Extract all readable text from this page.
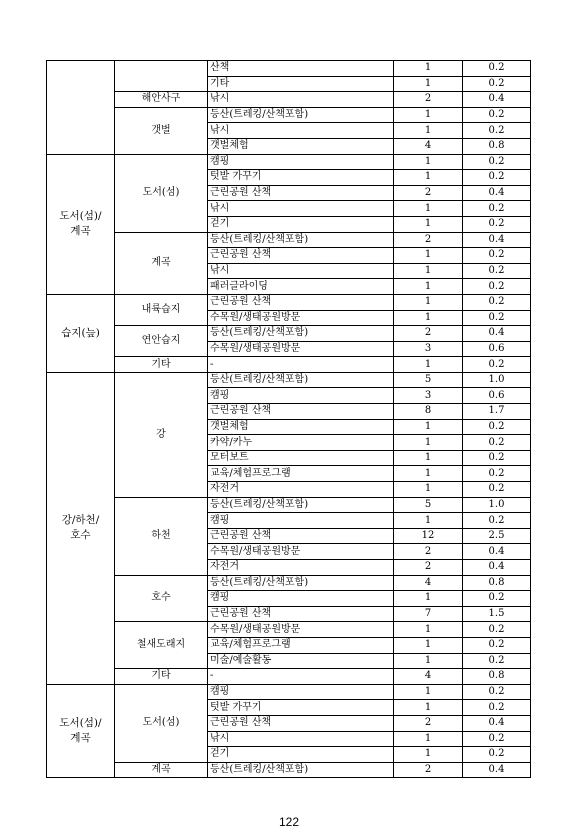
		산책	1	0.2
		기타	1	0.2
	해안사구	낚시	2	0.4
	갯벌	등산(트레킹/산책포함)	1	0.2
		낚시	1	0.2
		갯벌체험	4	0.8
도서(섬)/
계곡	도서(섬)	캠핑	1	0.2
		텃밭 가꾸기	1	0.2
		근린공원 산책	2	0.4
		낚시	1	0.2
		걷기	1	0.2
	계곡	등산(트레킹/산책포함)	2	0.4
		근린공원 산책	1	0.2
		낚시	1	0.2
		패러글라이딩	1	0.2
습지(늪)	내륙습지	근린공원 산책	1	0.2
		수목원/생태공원방문	1	0.2
	연안습지	등산(트레킹/산책포함)	2	0.4
		수목원/생태공원방문	3	0.6
	기타	-	1	0.2
강/하천/
호수	강	등산(트레킹/산책포함)	5	1.0
		캠핑	3	0.6
		근린공원 산책	8	1.7
		갯벌체험	1	0.2
		카약/카누	1	0.2
		모터보트	1	0.2
		교육/체험프로그램	1	0.2
		자전거	1	0.2
	하천	등산(트레킹/산책포함)	5	1.0
		캠핑	1	0.2
		근린공원 산책	12	2.5
		수목원/생태공원방문	2	0.4
		자전거	2	0.4
	호수	등산(트레킹/산책포함)	4	0.8
		캠핑	1	0.2
		근린공원 산책	7	1.5
	철새도래지	수목원/생태공원방문	1	0.2
		교육/체험프로그램	1	0.2
		미술/예술활동	1	0.2
	기타	-	4	0.8
도서(섬)/
계곡	도서(섬)	캠핑	1	0.2
		텃밭 가꾸기	1	0.2
		근린공원 산책	2	0.4
		낚시	1	0.2
		걷기	1	0.2
	계곡	등산(트레킹/산책포함)	2	0.4
122
